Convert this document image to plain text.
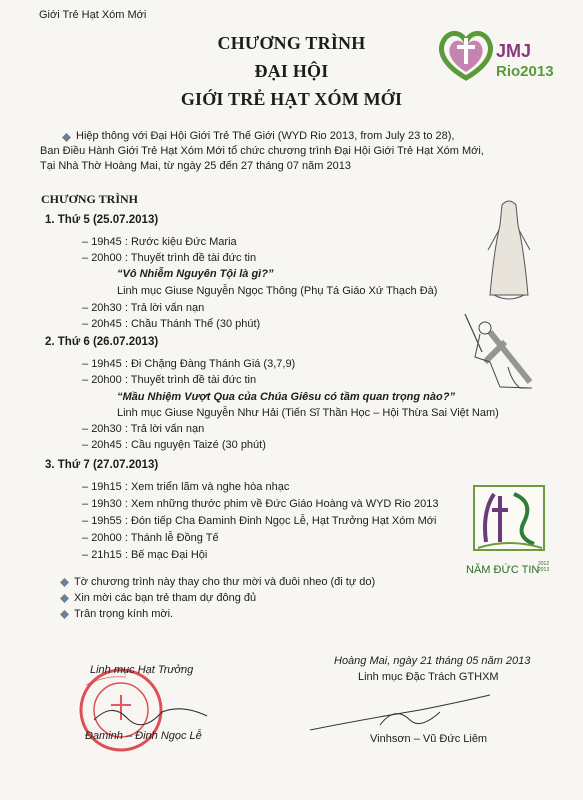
Giới Trẻ Hạt Xóm Mới
CHƯƠNG TRÌNH
ĐẠI HỘI
GIỚI TRẺ HẠT XÓM MỚI
JMJ
Rio2013
Hiệp thông với Đại Hội Giới Trẻ Thế Giới (WYD Rio 2013, from July 23 to 28),
Ban Điều Hành Giới Trẻ Hạt Xóm Mới tổ chức chương trình Đại Hội Giới Trẻ Hạt Xóm Mới,
Tại Nhà Thờ Hoàng Mai, từ ngày 25 đến 27 tháng 07 năm 2013
CHƯƠNG TRÌNH
1. Thứ 5 (25.07.2013)
– 19h45 : Rước kiệu Đức Maria
– 20h00 : Thuyết trình đề tài đức tin
“Vô Nhiễm Nguyên Tội là gì?”
Linh mục Giuse Nguyễn Ngọc Thông (Phụ Tá Giáo Xứ Thạch Đà)
– 20h30 : Trả lời vấn nạn
– 20h45 : Chầu Thánh Thể (30 phút)
2. Thứ 6 (26.07.2013)
– 19h45 : Đi Chặng Đàng Thánh Giá (3,7,9)
– 20h00 : Thuyết trình đề tài đức tin
“Mầu Nhiệm Vượt Qua của Chúa Giêsu có tầm quan trọng nào?”
Linh mục Giuse Nguyễn Như Hải (Tiến Sĩ Thần Học – Hội Thừa Sai Việt Nam)
– 20h30 : Trả lời vấn nạn
– 20h45 : Cầu nguyện Taizé (30 phút)
3. Thứ 7 (27.07.2013)
– 19h15 : Xem triển lãm và nghe hòa nhạc
– 19h30 : Xem những thước phim về Đức Giáo Hoàng và WYD Rio 2013
– 19h55 : Đón tiếp Cha Đaminh Đinh Ngọc Lễ, Hạt Trưởng Hạt Xóm Mới
– 20h00 : Thánh lễ Đồng Tế
– 21h15 : Bế mạc Đại Hội
NĂM ĐỨC TIN
2012
2013
Tờ chương trình này thay cho thư mời và đuôi nheo (đi tự do)
Xin mời các bạn trẻ tham dự đông đủ
Trân trọng kính mời.
Linh mục Hạt Trưởng
Đaminh – Đinh Ngọc Lễ
Hoàng Mai, ngày 21 tháng 05 năm 2013
Linh mục Đặc Trách GTHXM
Vinhsơn – Vũ Đức Liêm
